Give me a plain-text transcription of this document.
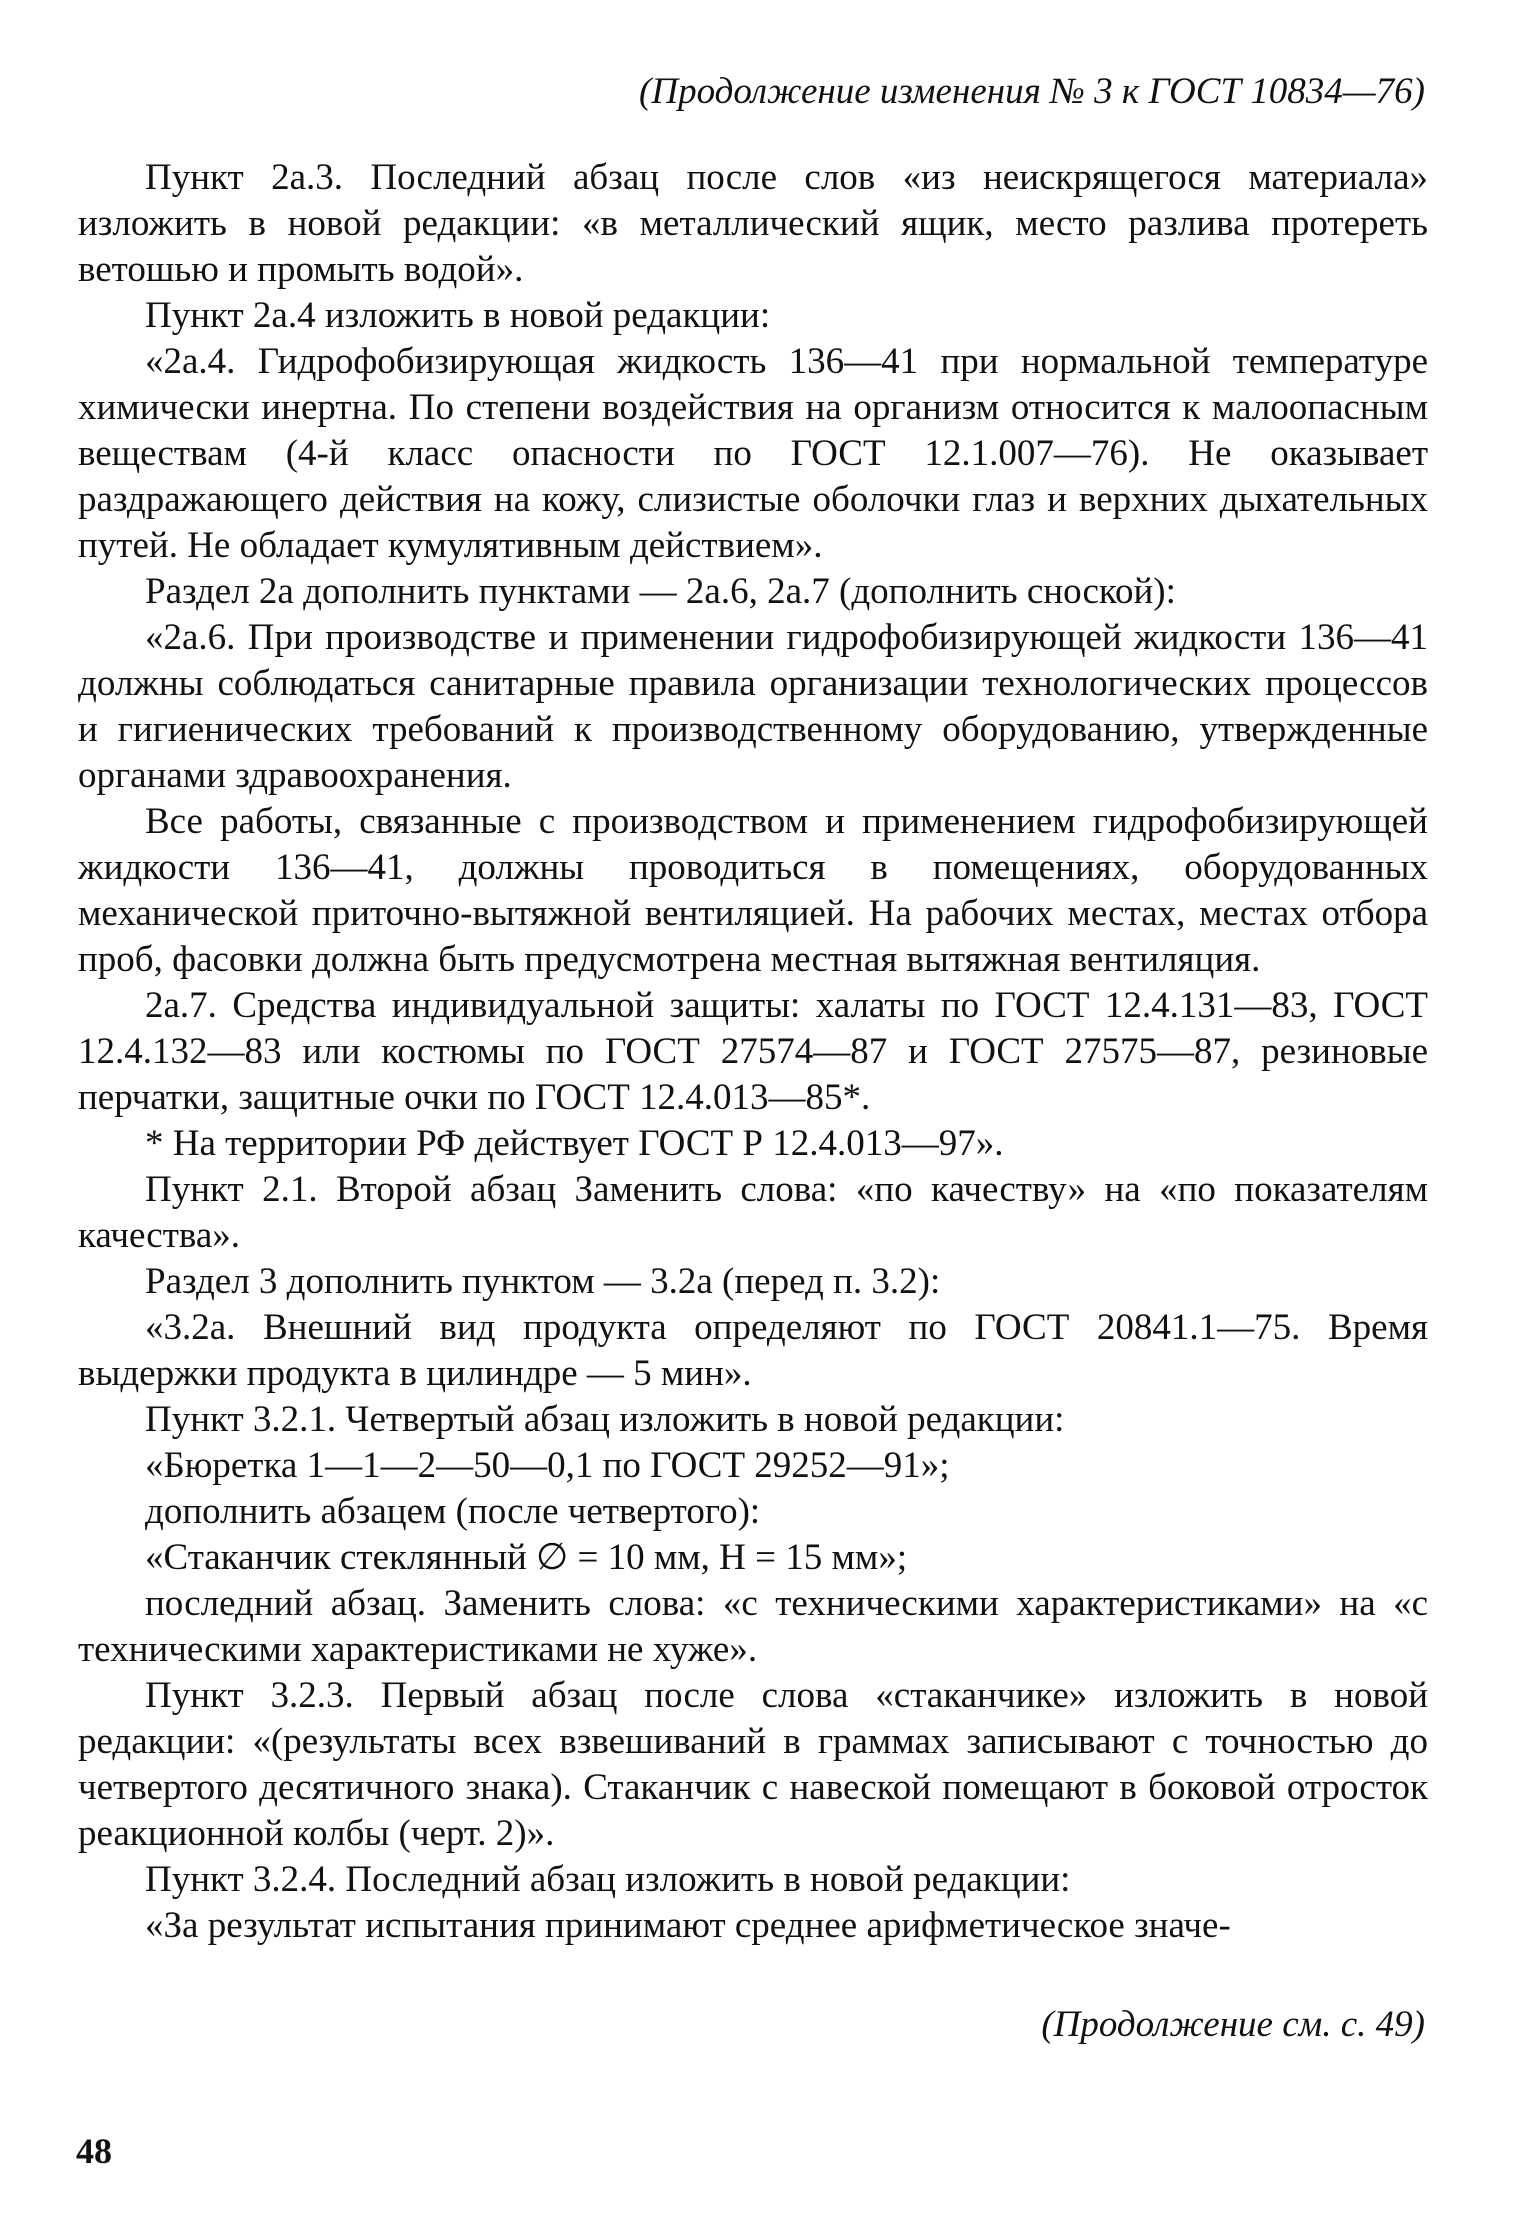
(Продолжение изменения № 3 к ГОСТ 10834—76)

Пункт 2а.3. Последний абзац после слов «из неискрящегося материала» изложить в новой редакции: «в металлический ящик, место разлива протереть ветошью и промыть водой».

Пункт 2а.4 изложить в новой редакции:

«2а.4. Гидрофобизирующая жидкость 136—41 при нормальной температуре химически инертна. По степени воздействия на организм относится к малоопасным веществам (4-й класс опасности по ГОСТ 12.1.007—76). Не оказывает раздражающего действия на кожу, слизистые оболочки глаз и верхних дыхательных путей. Не обладает кумулятивным действием».

Раздел 2а дополнить пунктами — 2а.6, 2а.7 (дополнить сноской):

«2а.6. При производстве и применении гидрофобизирующей жидкости 136—41 должны соблюдаться санитарные правила организации технологических процессов и гигиенических требований к производственному оборудованию, утвержденные органами здравоохранения.

Все работы, связанные с производством и применением гидрофобизирующей жидкости 136—41, должны проводиться в помещениях, оборудованных механической приточно-вытяжной вентиляцией. На рабочих местах, местах отбора проб, фасовки должна быть предусмотрена местная вытяжная вентиляция.

2а.7. Средства индивидуальной защиты: халаты по ГОСТ 12.4.131—83, ГОСТ 12.4.132—83 или костюмы по ГОСТ 27574—87 и ГОСТ 27575—87, резиновые перчатки, защитные очки по ГОСТ 12.4.013—85*.

* На территории РФ действует ГОСТ Р 12.4.013—97».

Пункт 2.1. Второй абзац Заменить слова: «по качеству» на «по показателям качества».

Раздел 3 дополнить пунктом — 3.2а (перед п. 3.2):

«3.2а. Внешний вид продукта определяют по ГОСТ 20841.1—75. Время выдержки продукта в цилиндре — 5 мин».

Пункт 3.2.1. Четвертый абзац изложить в новой редакции:

«Бюретка 1—1—2—50—0,1 по ГОСТ 29252—91»;

дополнить абзацем (после четвертого):

«Стаканчик стеклянный ∅ = 10 мм, Н = 15 мм»;

последний абзац. Заменить слова: «с техническими характеристиками» на «с техническими характеристиками не хуже».

Пункт 3.2.3. Первый абзац после слова «стаканчике» изложить в новой редакции: «(результаты всех взвешиваний в граммах записывают с точностью до четвертого десятичного знака). Стаканчик с навеской помещают в боковой отросток реакционной колбы (черт. 2)».

Пункт 3.2.4. Последний абзац изложить в новой редакции:

«За результат испытания принимают среднее арифметическое значе-

(Продолжение см. с. 49)
48
